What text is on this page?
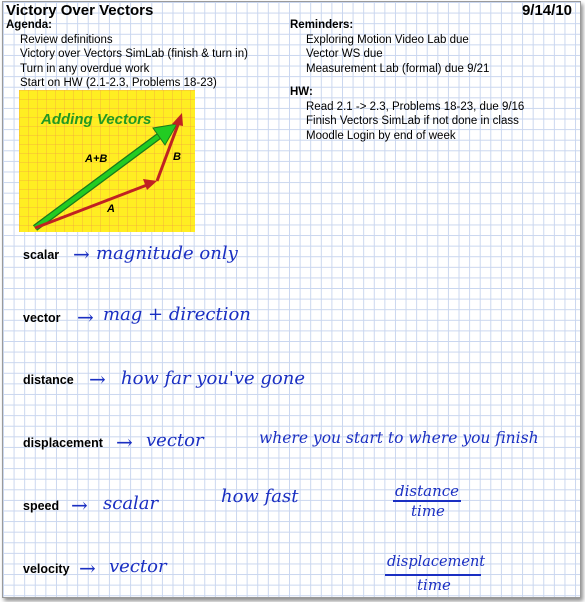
Victory Over Vectors	9/14/10
Agenda:
Review definitions
Victory over Vectors SimLab (finish & turn in)
Turn in any overdue work
Start on HW (2.1-2.3, Problems 18-23)
Reminders:
Exploring Motion Video Lab due
Vector WS due
Measurement Lab (formal) due 9/21
HW:
Read 2.1 -> 2.3, Problems 18-23, due 9/16
Finish Vectors SimLab if not done in class
Moodle Login by end of week
Adding Vectors
A+B
A
B
scalar → magnitude only
vector → mag + direction
distance → how far you've gone
displacement → vector	where you start to where you finish
speed → scalar	how fast	distance
time
velocity → vector	displacement
time
